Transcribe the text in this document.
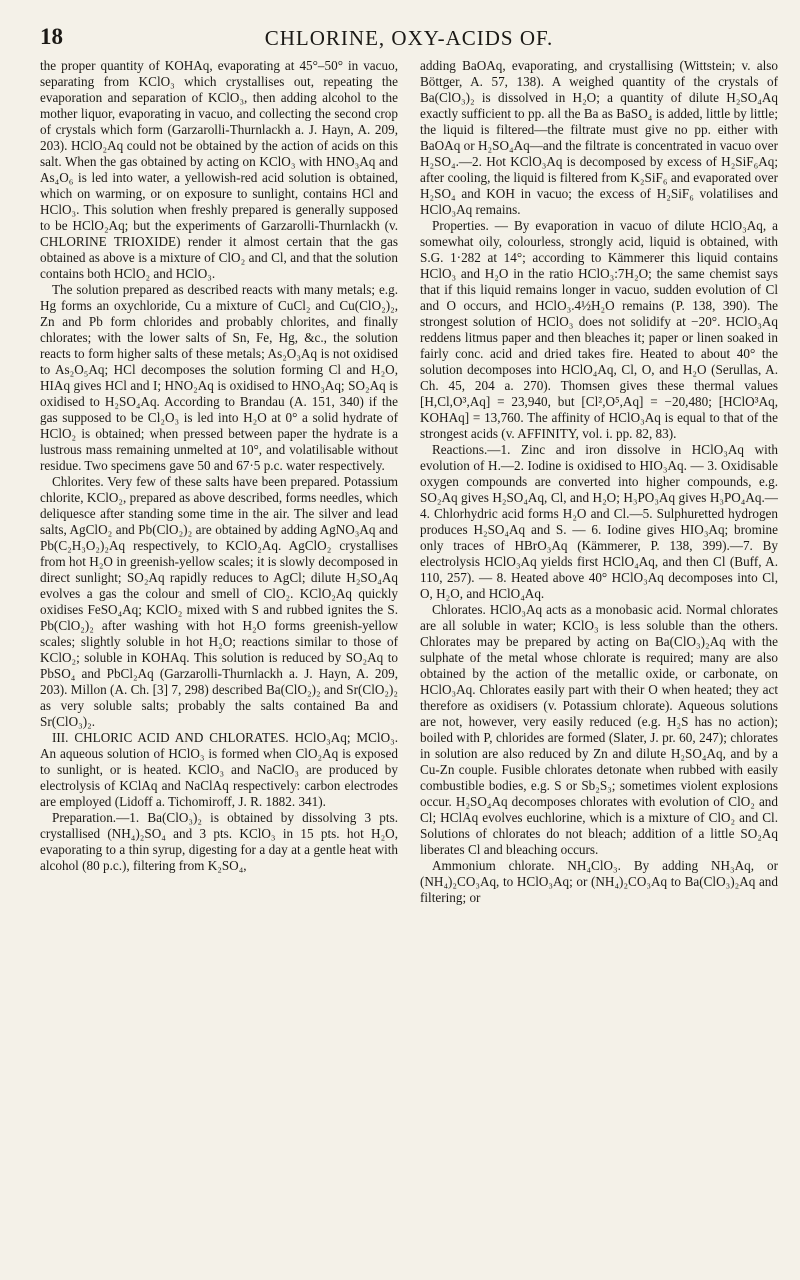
18	CHLORINE, OXY-ACIDS OF.

the proper quantity of KOHAq, evaporating at 45°–50° in vacuo, separating from KClO₃ which crystallises out, repeating the evaporation and separation of KClO₃, then adding alcohol to the mother liquor, evaporating in vacuo, and collecting the second crop of crystals which form (Garzarolli-Thurnlackh a. J. Hayn, A. 209, 203). HClO₂Aq could not be obtained by the action of acids on this salt. When the gas obtained by acting on KClO₃ with HNO₃Aq and As₄O₆ is led into water, a yellowish-red acid solution is obtained, which on warming, or on exposure to sunlight, contains HCl and HClO₃. This solution when freshly prepared is generally supposed to be HClO₂Aq; but the experiments of Garzarolli-Thurnlackh (v. CHLORINE TRIOXIDE) render it almost certain that the gas obtained as above is a mixture of ClO₂ and Cl, and that the solution contains both HClO₂ and HClO₃.

The solution prepared as described reacts with many metals; e.g. Hg forms an oxychloride, Cu a mixture of CuCl₂ and Cu(ClO₂)₂, Zn and Pb form chlorides and probably chlorites, and finally chlorates; with the lower salts of Sn, Fe, Hg, &c., the solution reacts to form higher salts of these metals; As₂O₃Aq is not oxidised to As₂O₅Aq; HCl decomposes the solution forming Cl and H₂O, HIAq gives HCl and I; HNO₂Aq is oxidised to HNO₃Aq; SO₂Aq is oxidised to H₂SO₄Aq. According to Brandau (A. 151, 340) if the gas supposed to be Cl₂O₃ is led into H₂O at 0° a solid hydrate of HClO₂ is obtained; when pressed between paper the hydrate is a lustrous mass remaining unmelted at 10°, and volatilisable without residue. Two specimens gave 50 and 67·5 p.c. water respectively.

Chlorites. Very few of these salts have been prepared. Potassium chlorite, KClO₂, prepared as above described, forms needles, which deliquesce after standing some time in the air. The silver and lead salts, AgClO₂ and Pb(ClO₂)₂ are obtained by adding AgNO₃Aq and Pb(C₂H₃O₂)₂Aq respectively, to KClO₂Aq. AgClO₂ crystallises from hot H₂O in greenish-yellow scales; it is slowly decomposed in direct sunlight; SO₂Aq rapidly reduces to AgCl; dilute H₂SO₄Aq evolves a gas the colour and smell of ClO₂. KClO₂Aq quickly oxidises FeSO₄Aq; KClO₂ mixed with S and rubbed ignites the S. Pb(ClO₂)₂ after washing with hot H₂O forms greenish-yellow scales; slightly soluble in hot H₂O; reactions similar to those of KClO₂; soluble in KOHAq. This solution is reduced by SO₂Aq to PbSO₄ and PbCl₂Aq (Garzarolli-Thurnlackh a. J. Hayn, A. 209, 203). Millon (A. Ch. [3] 7, 298) described Ba(ClO₂)₂ and Sr(ClO₂)₂ as very soluble salts; probably the salts contained Ba and Sr(ClO₃)₂.

III. CHLORIC ACID AND CHLORATES. HClO₃Aq; MClO₃. An aqueous solution of HClO₃ is formed when ClO₂Aq is exposed to sunlight, or is heated. KClO₃ and NaClO₃ are produced by electrolysis of KClAq and NaClAq respectively: carbon electrodes are employed (Lidoff a. Tichomiroff, J. R. 1882. 341).

Preparation.—1. Ba(ClO₃)₂ is obtained by dissolving 3 pts. crystallised (NH₄)₂SO₄ and 3 pts. KClO₃ in 15 pts. hot H₂O, evaporating to a thin syrup, digesting for a day at a gentle heat with alcohol (80 p.c.), filtering from K₂SO₄,

adding BaOAq, evaporating, and crystallising (Wittstein; v. also Böttger, A. 57, 138). A weighed quantity of the crystals of Ba(ClO₃)₂ is dissolved in H₂O; a quantity of dilute H₂SO₄Aq exactly sufficient to pp. all the Ba as BaSO₄ is added, little by little; the liquid is filtered—the filtrate must give no pp. either with BaOAq or H₂SO₄Aq—and the filtrate is concentrated in vacuo over H₂SO₄.—2. Hot KClO₃Aq is decomposed by excess of H₂SiF₆Aq; after cooling, the liquid is filtered from K₂SiF₆ and evaporated over H₂SO₄ and KOH in vacuo; the excess of H₂SiF₆ volatilises and HClO₃Aq remains.

Properties. — By evaporation in vacuo of dilute HClO₃Aq, a somewhat oily, colourless, strongly acid, liquid is obtained, with S.G. 1·282 at 14°; according to Kämmerer this liquid contains HClO₃ and H₂O in the ratio HClO₃:7H₂O; the same chemist says that if this liquid remains longer in vacuo, sudden evolution of Cl and O occurs, and HClO₃.4½H₂O remains (P. 138, 390). The strongest solution of HClO₃ does not solidify at −20°. HClO₃Aq reddens litmus paper and then bleaches it; paper or linen soaked in fairly conc. acid and dried takes fire. Heated to about 40° the solution decomposes into HClO₄Aq, Cl, O, and H₂O (Serullas, A. Ch. 45, 204 a. 270). Thomsen gives these thermal values [H,Cl,O³,Aq] = 23,940, but [Cl²,O⁵,Aq] = −20,480; [HClO³Aq, KOHAq] = 13,760. The affinity of HClO₃Aq is equal to that of the strongest acids (v. AFFINITY, vol. i. pp. 82, 83).

Reactions.—1. Zinc and iron dissolve in HClO₃Aq with evolution of H.—2. Iodine is oxidised to HIO₃Aq. — 3. Oxidisable oxygen compounds are converted into higher compounds, e.g. SO₂Aq gives H₂SO₄Aq, Cl, and H₂O; H₃PO₃Aq gives H₃PO₄Aq.—4. Chlorhydric acid forms H₂O and Cl.—5. Sulphuretted hydrogen produces H₂SO₄Aq and S. — 6. Iodine gives HIO₃Aq; bromine only traces of HBrO₃Aq (Kämmerer, P. 138, 399).—7. By electrolysis HClO₃Aq yields first HClO₄Aq, and then Cl (Buff, A. 110, 257). — 8. Heated above 40° HClO₃Aq decomposes into Cl, O, H₂O, and HClO₄Aq.

Chlorates. HClO₃Aq acts as a monobasic acid. Normal chlorates are all soluble in water; KClO₃ is less soluble than the others. Chlorates may be prepared by acting on Ba(ClO₃)₂Aq with the sulphate of the metal whose chlorate is required; many are also obtained by the action of the metallic oxide, or carbonate, on HClO₃Aq. Chlorates easily part with their O when heated; they act therefore as oxidisers (v. Potassium chlorate). Aqueous solutions are not, however, very easily reduced (e.g. H₂S has no action); boiled with P, chlorides are formed (Slater, J. pr. 60, 247); chlorates in solution are also reduced by Zn and dilute H₂SO₄Aq, and by a Cu-Zn couple. Fusible chlorates detonate when rubbed with easily combustible bodies, e.g. S or Sb₂S₃; sometimes violent explosions occur. H₂SO₄Aq decomposes chlorates with evolution of ClO₂ and Cl; HClAq evolves euchlorine, which is a mixture of ClO₂ and Cl. Solutions of chlorates do not bleach; addition of a little SO₂Aq liberates Cl and bleaching occurs.

Ammonium chlorate. NH₄ClO₃. By adding NH₃Aq, or (NH₄)₂CO₃Aq, to HClO₃Aq; or (NH₄)₂CO₃Aq to Ba(ClO₃)₂Aq and filtering; or
